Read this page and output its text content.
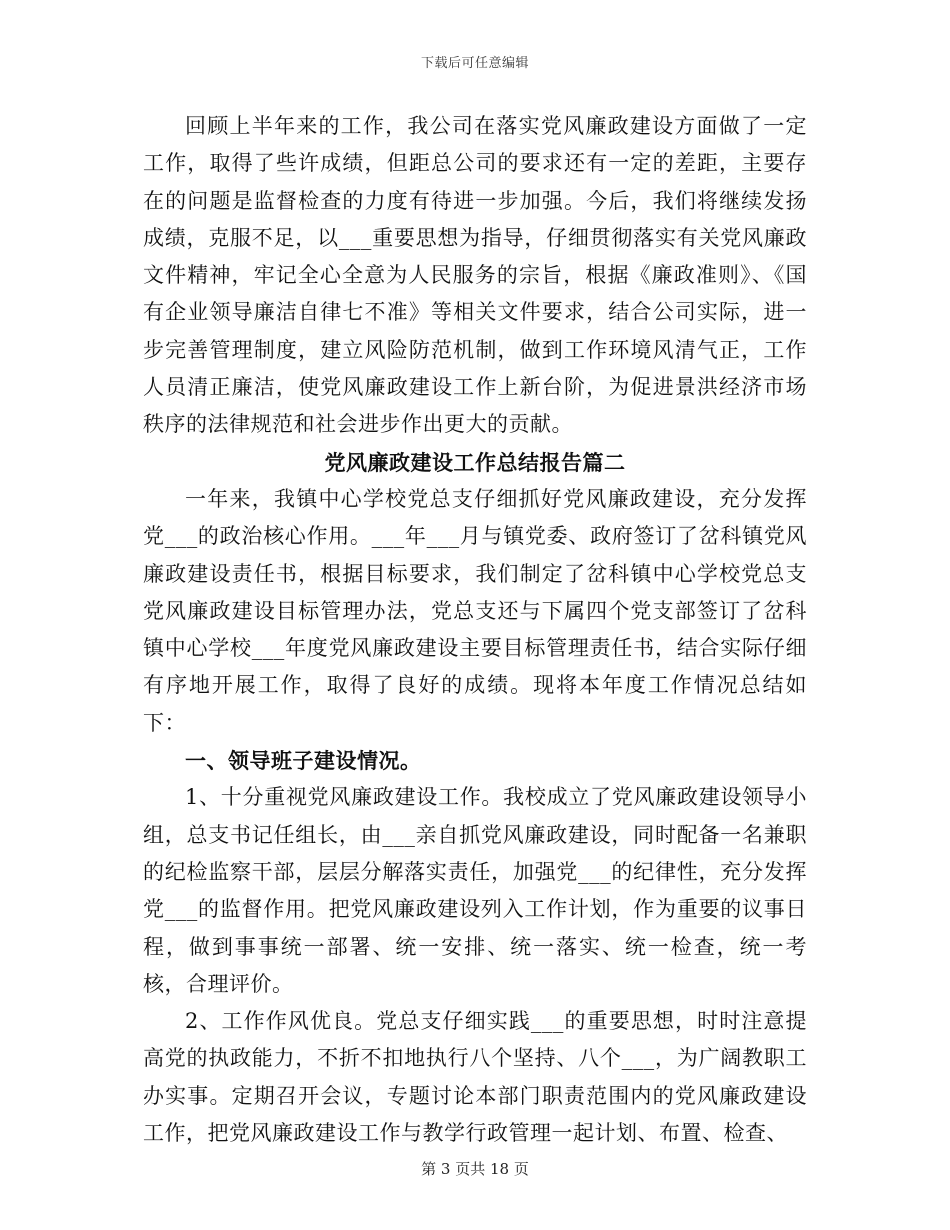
下载后可任意编辑

回顾上半年来的工作，我公司在落实党风廉政建设方面做了一定工作，取得了些许成绩，但距总公司的要求还有一定的差距，主要存在的问题是监督检查的力度有待进一步加强。今后，我们将继续发扬成绩，克服不足，以___重要思想为指导，仔细贯彻落实有关党风廉政文件精神，牢记全心全意为人民服务的宗旨，根据《廉政准则》、《国有企业领导廉洁自律七不准》等相关文件要求，结合公司实际，进一步完善管理制度，建立风险防范机制，做到工作环境风清气正，工作人员清正廉洁，使党风廉政建设工作上新台阶，为促进景洪经济市场秩序的法律规范和社会进步作出更大的贡献。

党风廉政建设工作总结报告篇二

一年来，我镇中心学校党总支仔细抓好党风廉政建设，充分发挥党___的政治核心作用。___年___月与镇党委、政府签订了岔科镇党风廉政建设责任书，根据目标要求，我们制定了岔科镇中心学校党总支党风廉政建设目标管理办法，党总支还与下属四个党支部签订了岔科镇中心学校___年度党风廉政建设主要目标管理责任书，结合实际仔细有序地开展工作，取得了良好的成绩。现将本年度工作情况总结如下：

一、领导班子建设情况。

1、十分重视党风廉政建设工作。我校成立了党风廉政建设领导小组，总支书记任组长，由___亲自抓党风廉政建设，同时配备一名兼职的纪检监察干部，层层分解落实责任，加强党___的纪律性，充分发挥党___的监督作用。把党风廉政建设列入工作计划，作为重要的议事日程，做到事事统一部署、统一安排、统一落实、统一检查，统一考核，合理评价。

2、工作作风优良。党总支仔细实践___的重要思想，时时注意提高党的执政能力，不折不扣地执行八个坚持、八个___，为广阔教职工办实事。定期召开会议，专题讨论本部门职责范围内的党风廉政建设工作，把党风廉政建设工作与教学行政管理一起计划、布置、检查、

第 3 页共 18 页
